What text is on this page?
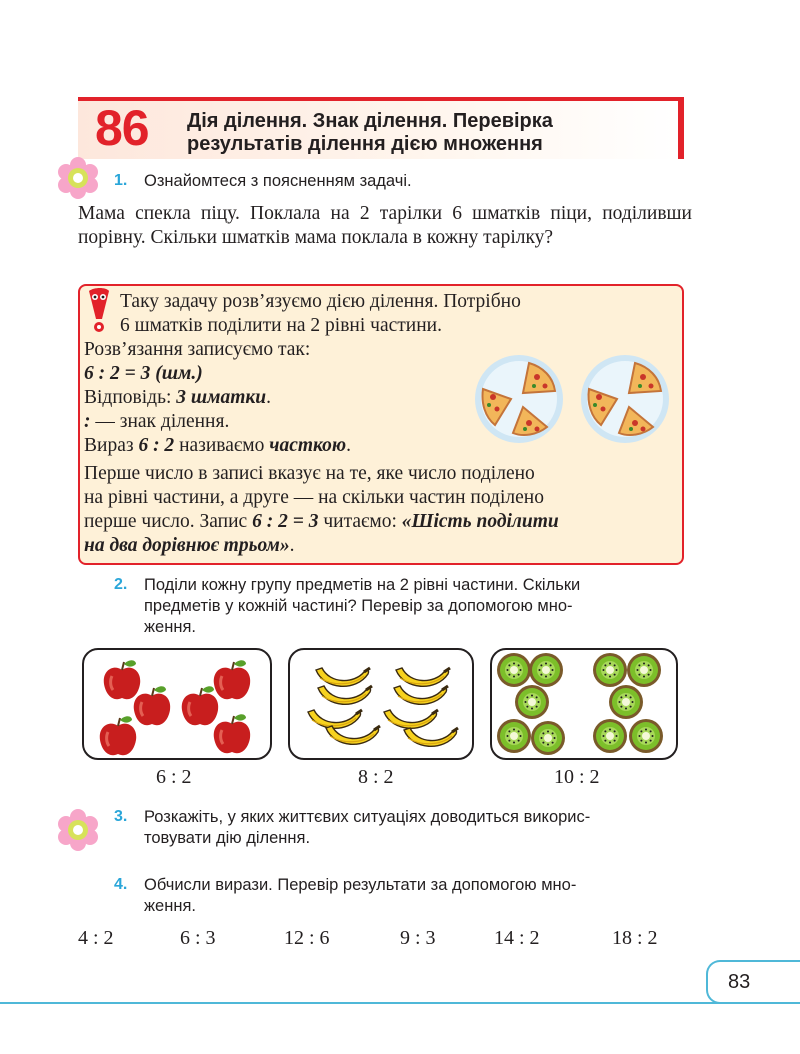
86 Дія ділення. Знак ділення. Перевірка
результатів ділення дією множення
1. Ознайомтеся з поясненням задачі.
Мама спекла піцу. Поклала на 2 тарілки 6 шматків піци, поділивши порівну. Скільки шматків мама поклала в кожну тарілку?
Таку задачу розв’язуємо дією ділення. Потрібно
6 шматків поділити на 2 рівні частини.
Розв’язання записуємо так:
6 : 2 = 3 (шм.)
Відповідь: 3 шматки.
: — знак ділення.
Вираз 6 : 2 називаємо часткою.
Перше число в записі вказує на те, яке число поділено
на рівні частини, а друге — на скільки частин поділено
перше число. Запис 6 : 2 = 3 читаємо: «Шість поділити
на два дорівнює трьом».
2. Поділи кожну групу предметів на 2 рівні частини. Скільки
предметів у кожній частині? Перевір за допомогою мно-
ження.
6 : 2	8 : 2	10 : 2
3. Розкажіть, у яких життєвих ситуаціях доводиться викорис-
товувати дію ділення.
4. Обчисли вирази. Перевір результати за допомогою мно-
ження.
4 : 2	6 : 3	12 : 6	9 : 3	14 : 2	18 : 2
83
